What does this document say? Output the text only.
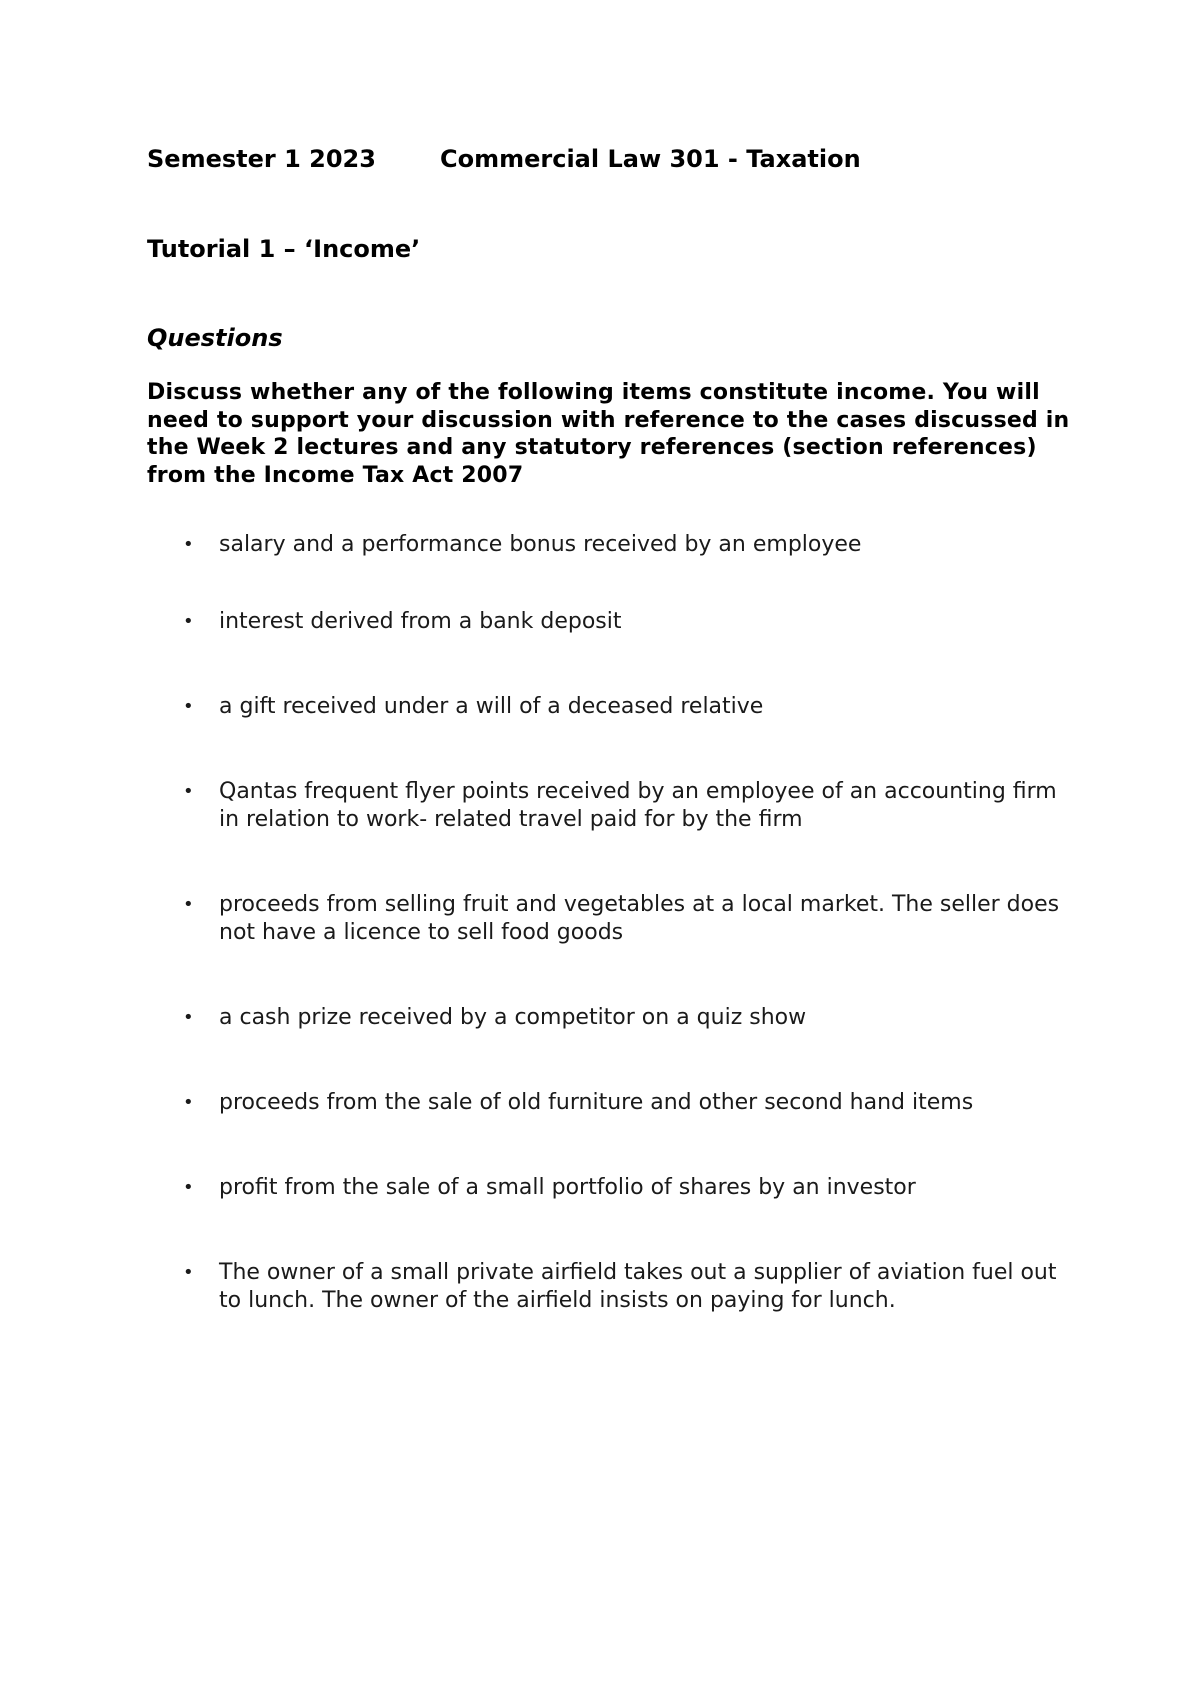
Semester 1 2023	Commercial Law 301 - Taxation
Tutorial 1 – ‘Income’
Questions
Discuss whether any of the following items constitute income. You will need to support your discussion with reference to the cases discussed in the Week 2 lectures and any statutory references (section references) from the Income Tax Act 2007
• salary and a performance bonus received by an employee
• interest derived from a bank deposit
• a gift received under a will of a deceased relative
• Qantas frequent flyer points received by an employee of an accounting firm in relation to work- related travel paid for by the firm
• proceeds from selling fruit and vegetables at a local market. The seller does not have a licence to sell food goods
• a cash prize received by a competitor on a quiz show
• proceeds from the sale of old furniture and other second hand items
• profit from the sale of a small portfolio of shares by an investor
• The owner of a small private airfield takes out a supplier of aviation fuel out to lunch. The owner of the airfield insists on paying for lunch.
